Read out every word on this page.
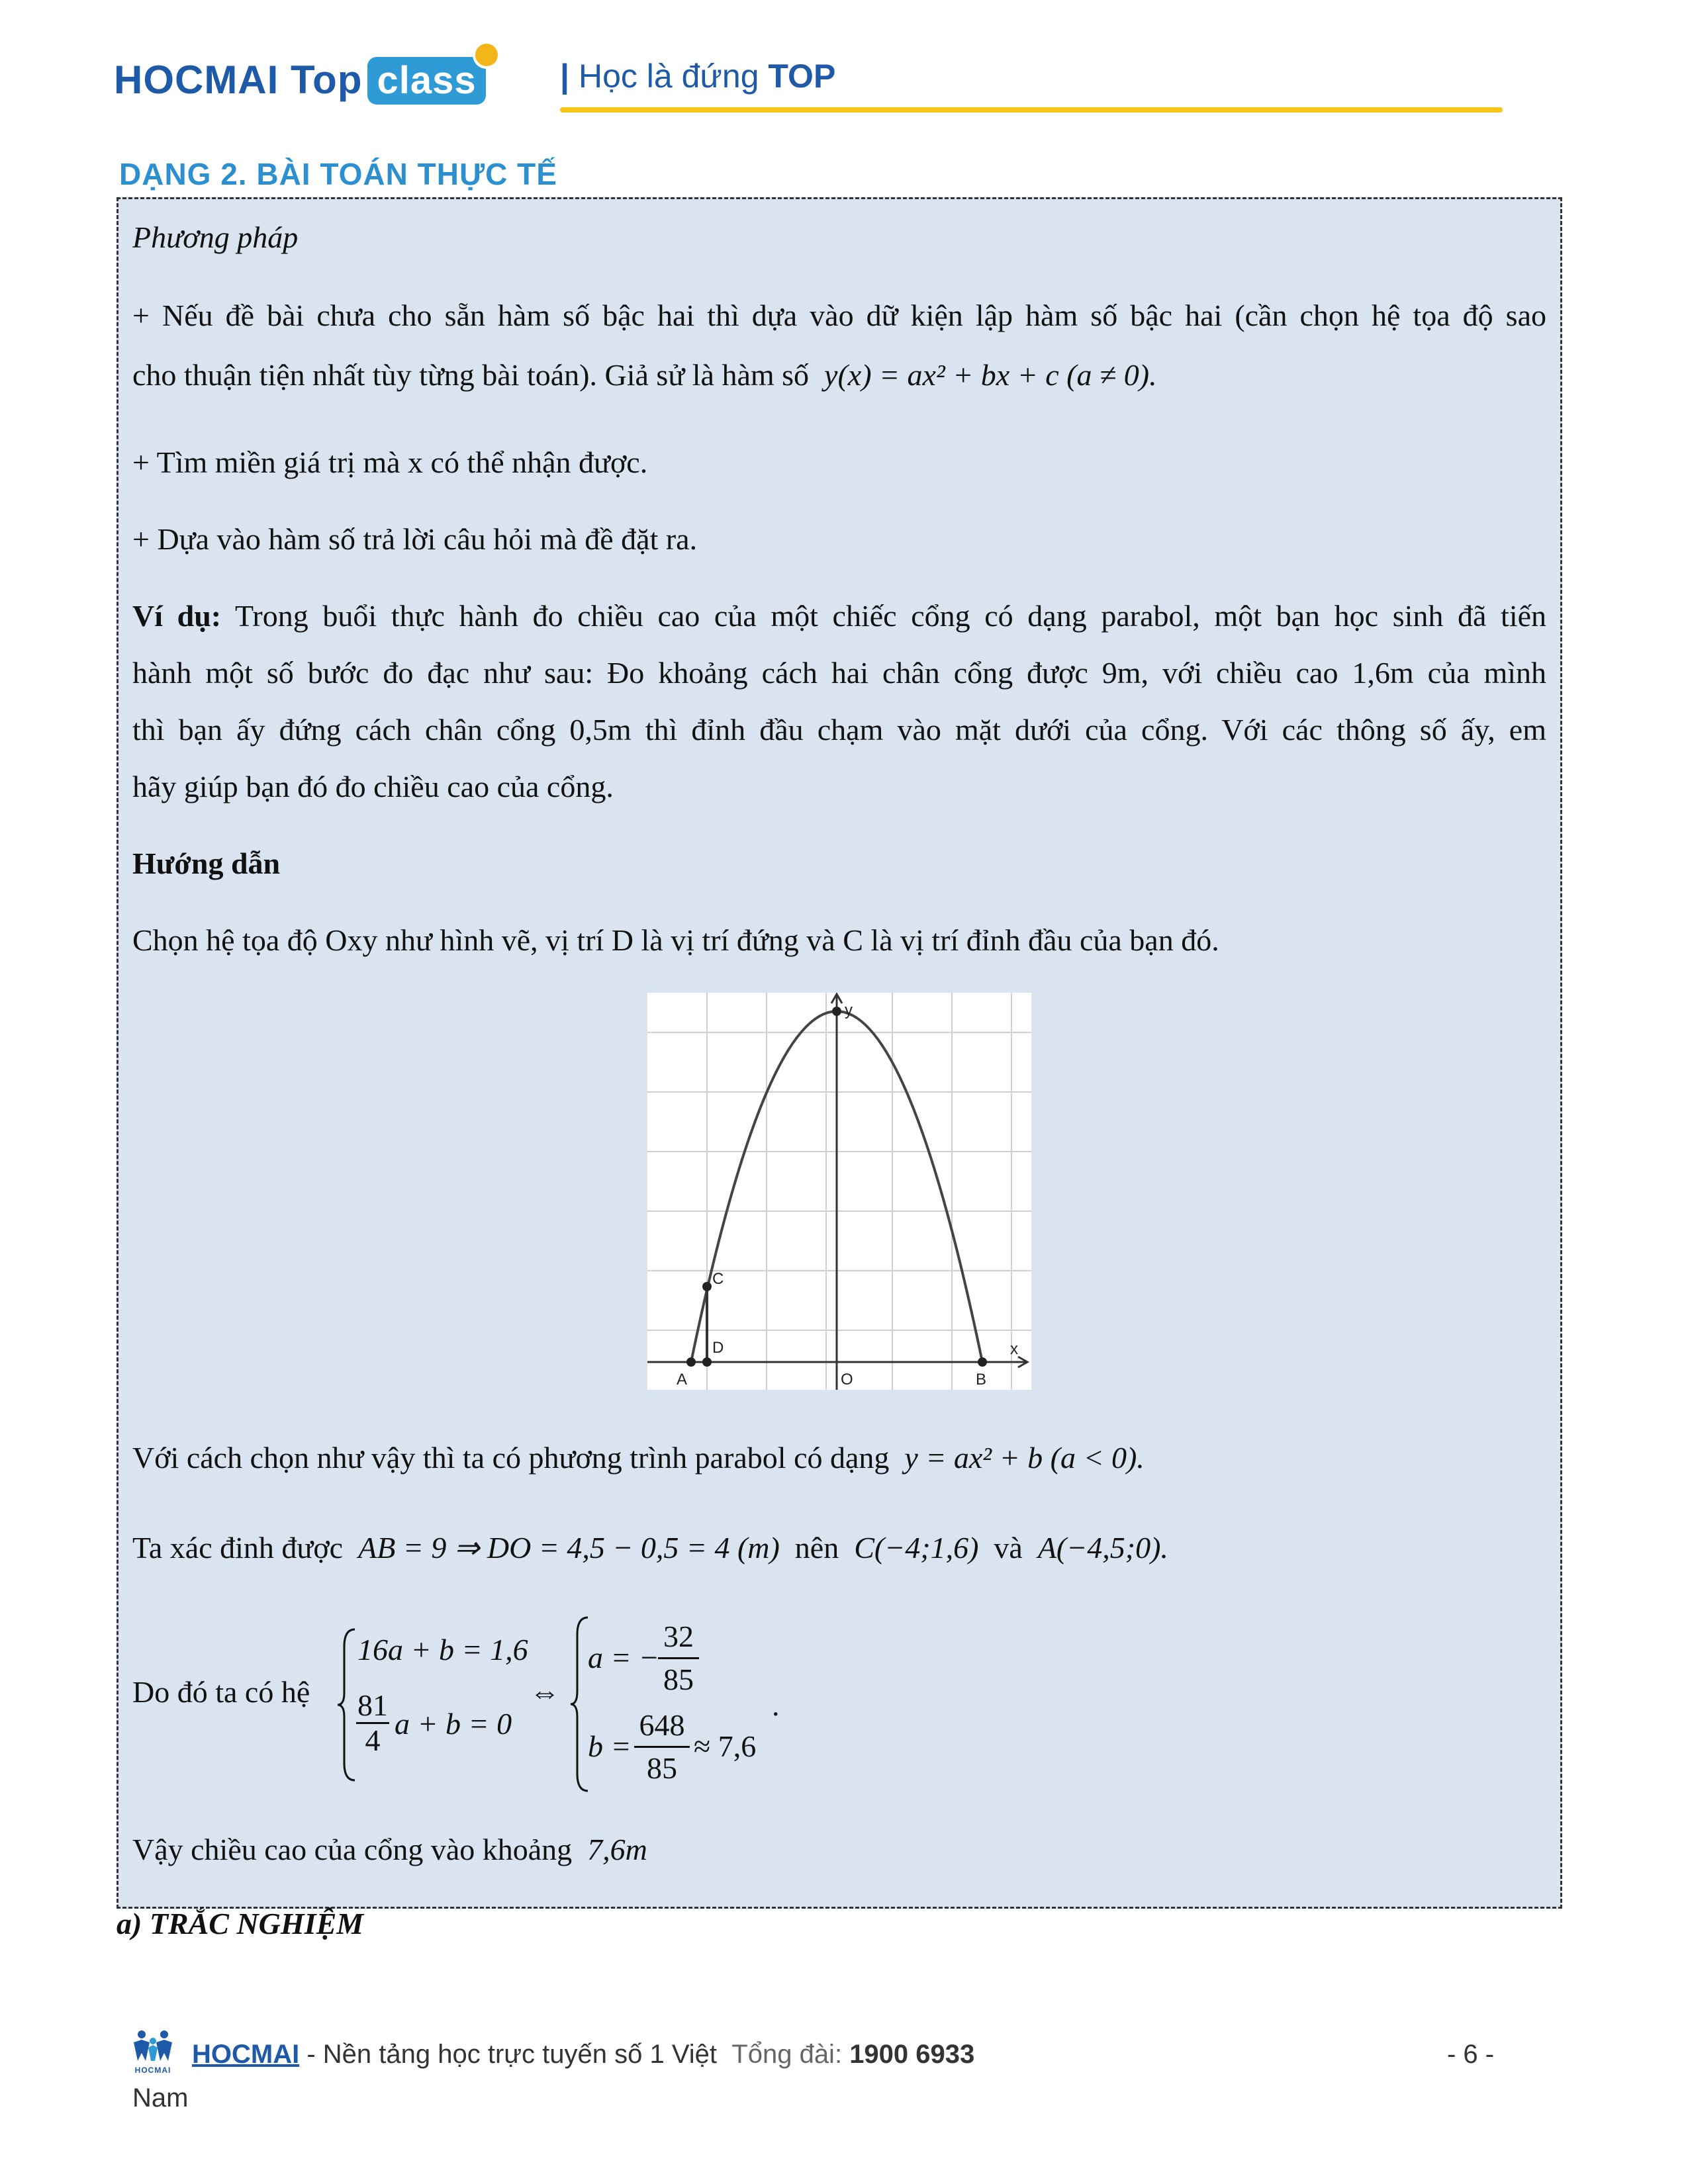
HOCMAI Top class	| Học là đứng TOP
DẠNG 2. BÀI TOÁN THỰC TẾ
Phương pháp
+ Nếu đề bài chưa cho sẵn hàm số bậc hai thì dựa vào dữ kiện lập hàm số bậc hai (cần chọn hệ tọa độ sao
cho thuận tiện nhất tùy từng bài toán). Giả sử là hàm số y(x) = ax² + bx + c (a ≠ 0).
+ Tìm miền giá trị mà x có thể nhận được.
+ Dựa vào hàm số trả lời câu hỏi mà đề đặt ra.
Ví dụ: Trong buổi thực hành đo chiều cao của một chiếc cổng có dạng parabol, một bạn học sinh đã tiến
hành một số bước đo đạc như sau: Đo khoảng cách hai chân cổng được 9m, với chiều cao 1,6m của mình
thì bạn ấy đứng cách chân cổng 0,5m thì đỉnh đầu chạm vào mặt dưới của cổng. Với các thông số ấy, em
hãy giúp bạn đó đo chiều cao của cổng.
Hướng dẫn
Chọn hệ tọa độ Oxy như hình vẽ, vị trí D là vị trí đứng và C là vị trí đỉnh đầu của bạn đó.
y
x
A
D
C
O	B
Với cách chọn như vậy thì ta có phương trình parabol có dạng y = ax² + b (a < 0).
Ta xác đinh được AB = 9 ⇒ DO = 4,5 − 0,5 = 4 (m) nên C(−4;1,6) và A(−4,5;0).
Do đó ta có hệ
16a + b = 1,6
$\frac{81}{4}$ a + b = 0
⇔
a = −
$\frac{32}{85}$
$b = \frac{648}{85} \approx 7,6$
.
Vậy chiều cao của cổng vào khoảng 7,6m
a) TRẮC NGHIỆM
HOCMAI
HOCMAI - Nền tảng học trực tuyến số 1 Việt Tổng đài: 1900 6933	- 6 -
Nam
